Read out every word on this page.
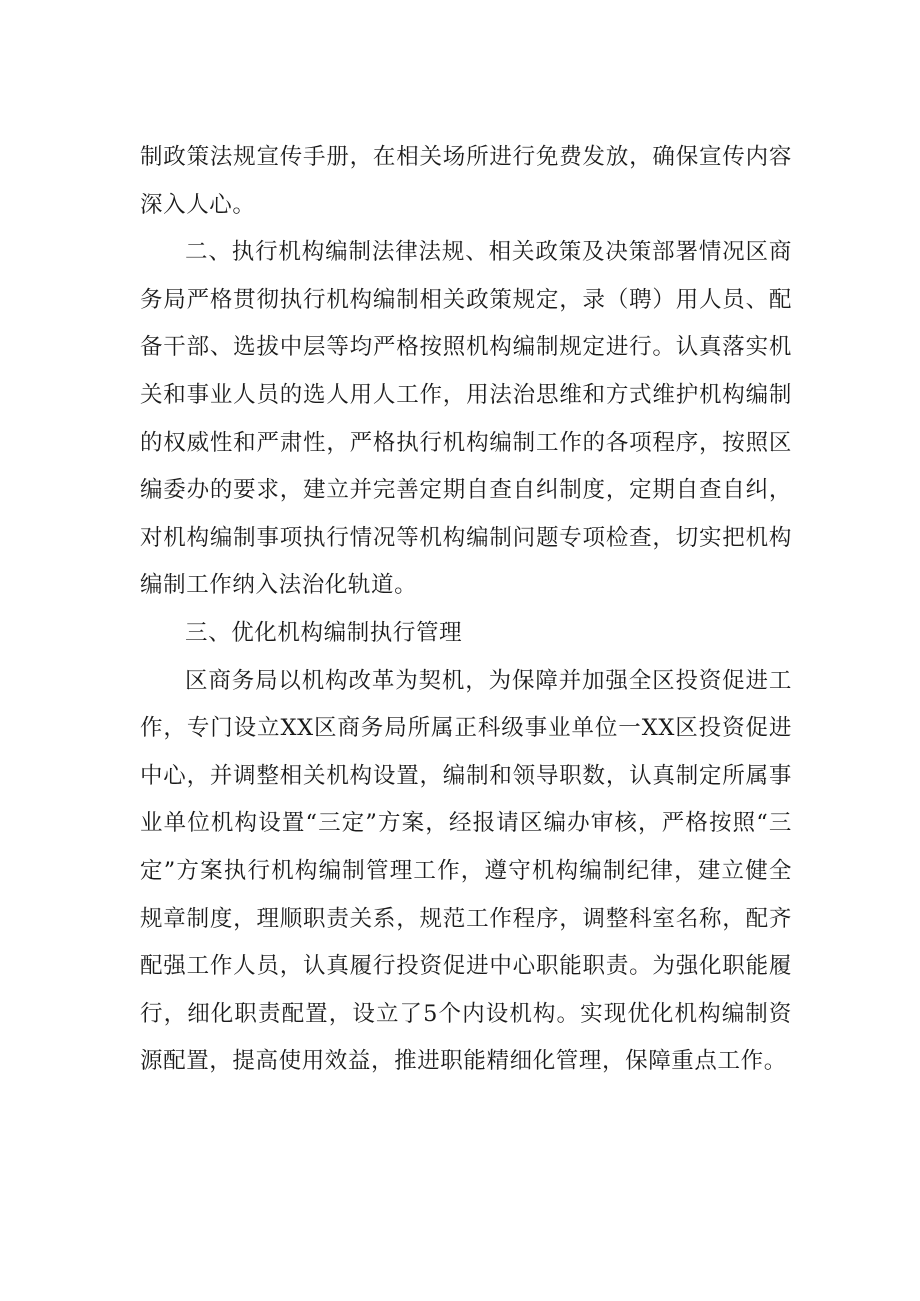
制政策法规宣传手册，在相关场所进行免费发放，确保宣传内容深入人心。

二、执行机构编制法律法规、相关政策及决策部署情况区商务局严格贯彻执行机构编制相关政策规定，录（聘）用人员、配备干部、选拔中层等均严格按照机构编制规定进行。认真落实机关和事业人员的选人用人工作，用法治思维和方式维护机构编制的权威性和严肃性，严格执行机构编制工作的各项程序，按照区编委办的要求，建立并完善定期自查自纠制度，定期自查自纠，对机构编制事项执行情况等机构编制问题专项检查，切实把机构编制工作纳入法治化轨道。

三、优化机构编制执行管理

区商务局以机构改革为契机，为保障并加强全区投资促进工作，专门设立XX区商务局所属正科级事业单位一XX区投资促进中心，并调整相关机构设置，编制和领导职数，认真制定所属事业单位机构设置“三定”方案，经报请区编办审核，严格按照“三定”方案执行机构编制管理工作，遵守机构编制纪律，建立健全规章制度，理顺职责关系，规范工作程序，调整科室名称，配齐配强工作人员，认真履行投资促进中心职能职责。为强化职能履行，细化职责配置，设立了5个内设机构。实现优化机构编制资源配置，提高使用效益，推进职能精细化管理，保障重点工作。
